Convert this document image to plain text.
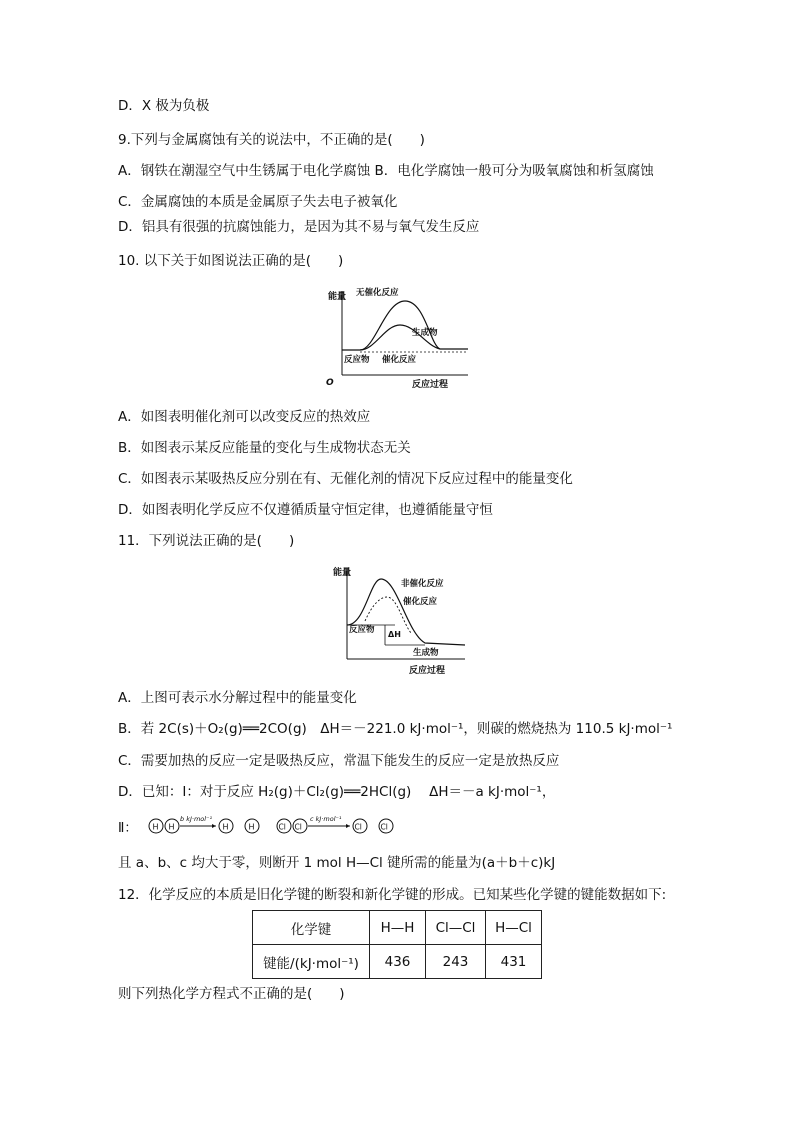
D．X 极为负极
9.下列与金属腐蚀有关的说法中，不正确的是(　　)
A．钢铁在潮湿空气中生锈属于电化学腐蚀 B．电化学腐蚀一般可分为吸氧腐蚀和析氢腐蚀
C．金属腐蚀的本质是金属原子失去电子被氧化
D．铝具有很强的抗腐蚀能力，是因为其不易与氧气发生反应
10. 以下关于如图说法正确的是(　　)
能量
O	反应过程
无催化反应
生成物
反应物 催化反应
A．如图表明催化剂可以改变反应的热效应
B．如图表示某反应能量的变化与生成物状态无关
C．如图表示某吸热反应分别在有、无催化剂的情况下反应过程中的能量变化
D．如图表明化学反应不仅遵循质量守恒定律，也遵循能量守恒
11．下列说法正确的是(　　)
能量
反应过程
非催化反应
催化反应
反应物 ΔH
生成物
A．上图可表示水分解过程中的能量变化
B．若 2C(s)＋O₂(g)══2CO(g)　ΔH＝－221.0 kJ·mol⁻¹，则碳的燃烧热为 110.5 kJ·mol⁻¹
C．需要加热的反应一定是吸热反应，常温下能发生的反应一定是放热反应
D．已知：Ⅰ：对于反应 H₂(g)＋Cl₂(g)══2HCl(g)　 ΔH＝－a kJ·mol⁻¹，
Ⅱ： H H
b kJ·mol⁻¹
H H	Cl Cl
c kJ·mol⁻¹
Cl Cl
且 a、b、c 均大于零，则断开 1 mol H—Cl 键所需的能量为(a＋b＋c)kJ
12．化学反应的本质是旧化学键的断裂和新化学键的形成。已知某些化学键的键能数据如下:
化学键	H—H	Cl—Cl	H—Cl
键能/(kJ·mol⁻¹)	436	243	431
则下列热化学方程式不正确的是(　　)
